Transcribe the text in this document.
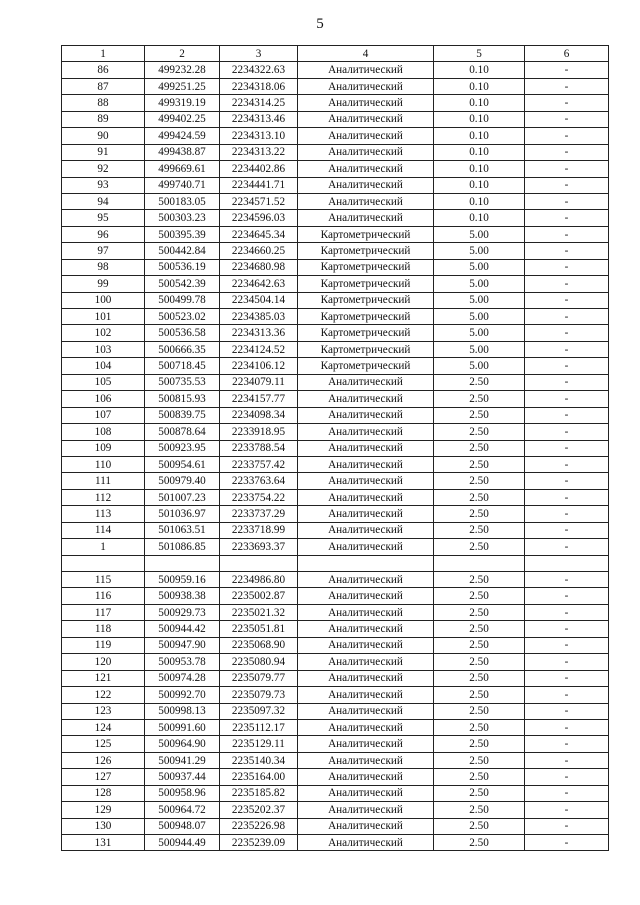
5
1	2	3	4	5	6
86	499232.28	2234322.63	Аналитический	0.10	-
87	499251.25	2234318.06	Аналитический	0.10	-
88	499319.19	2234314.25	Аналитический	0.10	-
89	499402.25	2234313.46	Аналитический	0.10	-
90	499424.59	2234313.10	Аналитический	0.10	-
91	499438.87	2234313.22	Аналитический	0.10	-
92	499669.61	2234402.86	Аналитический	0.10	-
93	499740.71	2234441.71	Аналитический	0.10	-
94	500183.05	2234571.52	Аналитический	0.10	-
95	500303.23	2234596.03	Аналитический	0.10	-
96	500395.39	2234645.34	Картометрический	5.00	-
97	500442.84	2234660.25	Картометрический	5.00	-
98	500536.19	2234680.98	Картометрический	5.00	-
99	500542.39	2234642.63	Картометрический	5.00	-
100	500499.78	2234504.14	Картометрический	5.00	-
101	500523.02	2234385.03	Картометрический	5.00	-
102	500536.58	2234313.36	Картометрический	5.00	-
103	500666.35	2234124.52	Картометрический	5.00	-
104	500718.45	2234106.12	Картометрический	5.00	-
105	500735.53	2234079.11	Аналитический	2.50	-
106	500815.93	2234157.77	Аналитический	2.50	-
107	500839.75	2234098.34	Аналитический	2.50	-
108	500878.64	2233918.95	Аналитический	2.50	-
109	500923.95	2233788.54	Аналитический	2.50	-
110	500954.61	2233757.42	Аналитический	2.50	-
111	500979.40	2233763.64	Аналитический	2.50	-
112	501007.23	2233754.22	Аналитический	2.50	-
113	501036.97	2233737.29	Аналитический	2.50	-
114	501063.51	2233718.99	Аналитический	2.50	-
1	501086.85	2233693.37	Аналитический	2.50	-

115	500959.16	2234986.80	Аналитический	2.50	-
116	500938.38	2235002.87	Аналитический	2.50	-
117	500929.73	2235021.32	Аналитический	2.50	-
118	500944.42	2235051.81	Аналитический	2.50	-
119	500947.90	2235068.90	Аналитический	2.50	-
120	500953.78	2235080.94	Аналитический	2.50	-
121	500974.28	2235079.77	Аналитический	2.50	-
122	500992.70	2235079.73	Аналитический	2.50	-
123	500998.13	2235097.32	Аналитический	2.50	-
124	500991.60	2235112.17	Аналитический	2.50	-
125	500964.90	2235129.11	Аналитический	2.50	-
126	500941.29	2235140.34	Аналитический	2.50	-
127	500937.44	2235164.00	Аналитический	2.50	-
128	500958.96	2235185.82	Аналитический	2.50	-
129	500964.72	2235202.37	Аналитический	2.50	-
130	500948.07	2235226.98	Аналитический	2.50	-
131	500944.49	2235239.09	Аналитический	2.50	-
